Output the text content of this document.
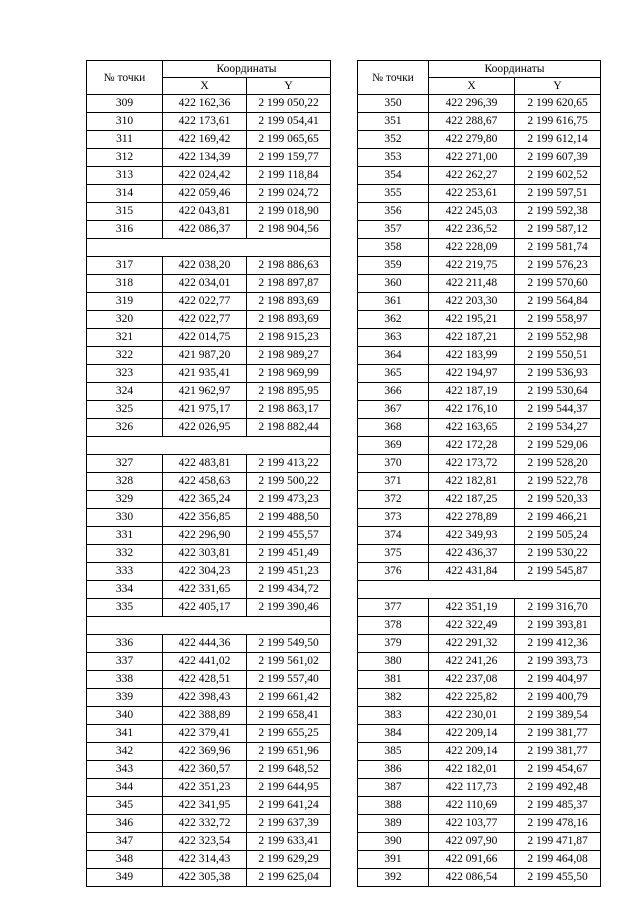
№ точки	Координаты	
	X	Y
309	422 162,36	2 199 050,22
310	422 173,61	2 199 054,41
311	422 169,42	2 199 065,65
312	422 134,39	2 199 159,77
313	422 024,42	2 199 118,84
314	422 059,46	2 199 024,72
315	422 043,81	2 199 018,90
316	422 086,37	2 198 904,56

317	422 038,20	2 198 886,63
318	422 034,01	2 198 897,87
319	422 022,77	2 198 893,69
320	422 022,77	2 198 893,69
321	422 014,75	2 198 915,23
322	421 987,20	2 198 989,27
323	421 935,41	2 198 969,99
324	421 962,97	2 198 895,95
325	421 975,17	2 198 863,17
326	422 026,95	2 198 882,44

327	422 483,81	2 199 413,22
328	422 458,63	2 199 500,22
329	422 365,24	2 199 473,23
330	422 356,85	2 199 488,50
331	422 296,90	2 199 455,57
332	422 303,81	2 199 451,49
333	422 304,23	2 199 451,23
334	422 331,65	2 199 434,72
335	422 405,17	2 199 390,46

336	422 444,36	2 199 549,50
337	422 441,02	2 199 561,02
338	422 428,51	2 199 557,40
339	422 398,43	2 199 661,42
340	422 388,89	2 199 658,41
341	422 379,41	2 199 655,25
342	422 369,96	2 199 651,96
343	422 360,57	2 199 648,52
344	422 351,23	2 199 644,95
345	422 341,95	2 199 641,24
346	422 332,72	2 199 637,39
347	422 323,54	2 199 633,41
348	422 314,43	2 199 629,29
349	422 305,38	2 199 625,04
№ точки	Координаты	
	X	Y
350	422 296,39	2 199 620,65
351	422 288,67	2 199 616,75
352	422 279,80	2 199 612,14
353	422 271,00	2 199 607,39
354	422 262,27	2 199 602,52
355	422 253,61	2 199 597,51
356	422 245,03	2 199 592,38
357	422 236,52	2 199 587,12
358	422 228,09	2 199 581,74
359	422 219,75	2 199 576,23
360	422 211,48	2 199 570,60
361	422 203,30	2 199 564,84
362	422 195,21	2 199 558,97
363	422 187,21	2 199 552,98
364	422 183,99	2 199 550,51
365	422 194,97	2 199 536,93
366	422 187,19	2 199 530,64
367	422 176,10	2 199 544,37
368	422 163,65	2 199 534,27
369	422 172,28	2 199 529,06
370	422 173,72	2 199 528,20
371	422 182,81	2 199 522,78
372	422 187,25	2 199 520,33
373	422 278,89	2 199 466,21
374	422 349,93	2 199 505,24
375	422 436,37	2 199 530,22
376	422 431,84	2 199 545,87

377	422 351,19	2 199 316,70
378	422 322,49	2 199 393,81
379	422 291,32	2 199 412,36
380	422 241,26	2 199 393,73
381	422 237,08	2 199 404,97
382	422 225,82	2 199 400,79
383	422 230,01	2 199 389,54
384	422 209,14	2 199 381,77
385	422 209,14	2 199 381,77
386	422 182,01	2 199 454,67
387	422 117,73	2 199 492,48
388	422 110,69	2 199 485,37
389	422 103,77	2 199 478,16
390	422 097,90	2 199 471,87
391	422 091,66	2 199 464,08
392	422 086,54	2 199 455,50
